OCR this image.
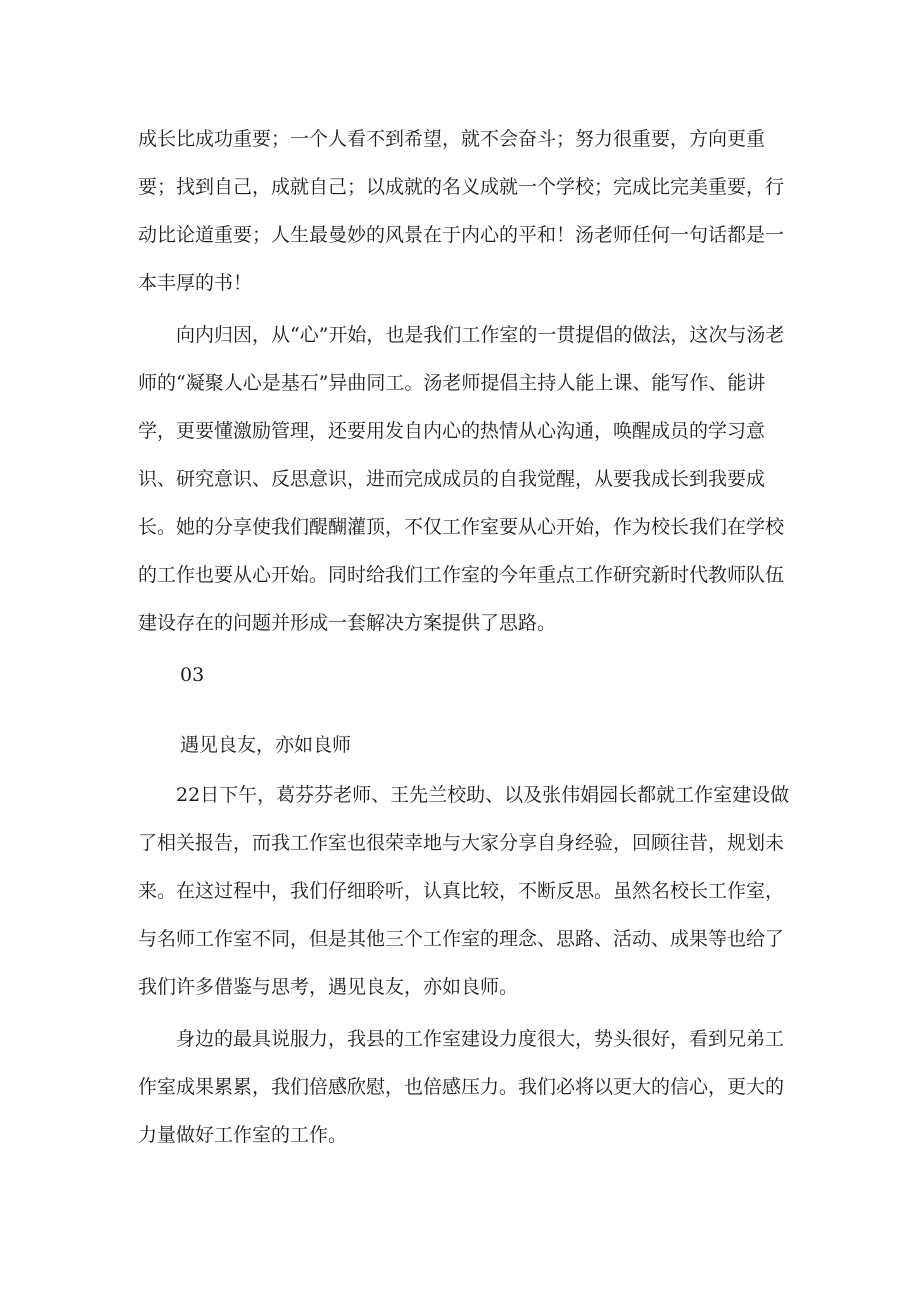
成长比成功重要；一个人看不到希望，就不会奋斗；努力很重要，方向更重要；找到自己，成就自己；以成就的名义成就一个学校；完成比完美重要，行动比论道重要；人生最曼妙的风景在于内心的平和！汤老师任何一句话都是一本丰厚的书！

向内归因，从“心”开始，也是我们工作室的一贯提倡的做法，这次与汤老师的“凝聚人心是基石”异曲同工。汤老师提倡主持人能上课、能写作、能讲学，更要懂激励管理，还要用发自内心的热情从心沟通，唤醒成员的学习意识、研究意识、反思意识，进而完成成员的自我觉醒，从要我成长到我要成长。她的分享使我们醍醐灌顶，不仅工作室要从心开始，作为校长我们在学校的工作也要从心开始。同时给我们工作室的今年重点工作研究新时代教师队伍建设存在的问题并形成一套解决方案提供了思路。

03

遇见良友，亦如良师

22日下午，葛芬芬老师、王先兰校助、以及张伟娟园长都就工作室建设做了相关报告，而我工作室也很荣幸地与大家分享自身经验，回顾往昔，规划未来。在这过程中，我们仔细聆听，认真比较，不断反思。虽然名校长工作室，与名师工作室不同，但是其他三个工作室的理念、思路、活动、成果等也给了我们许多借鉴与思考，遇见良友，亦如良师。

身边的最具说服力，我县的工作室建设力度很大，势头很好，看到兄弟工作室成果累累，我们倍感欣慰，也倍感压力。我们必将以更大的信心，更大的力量做好工作室的工作。
